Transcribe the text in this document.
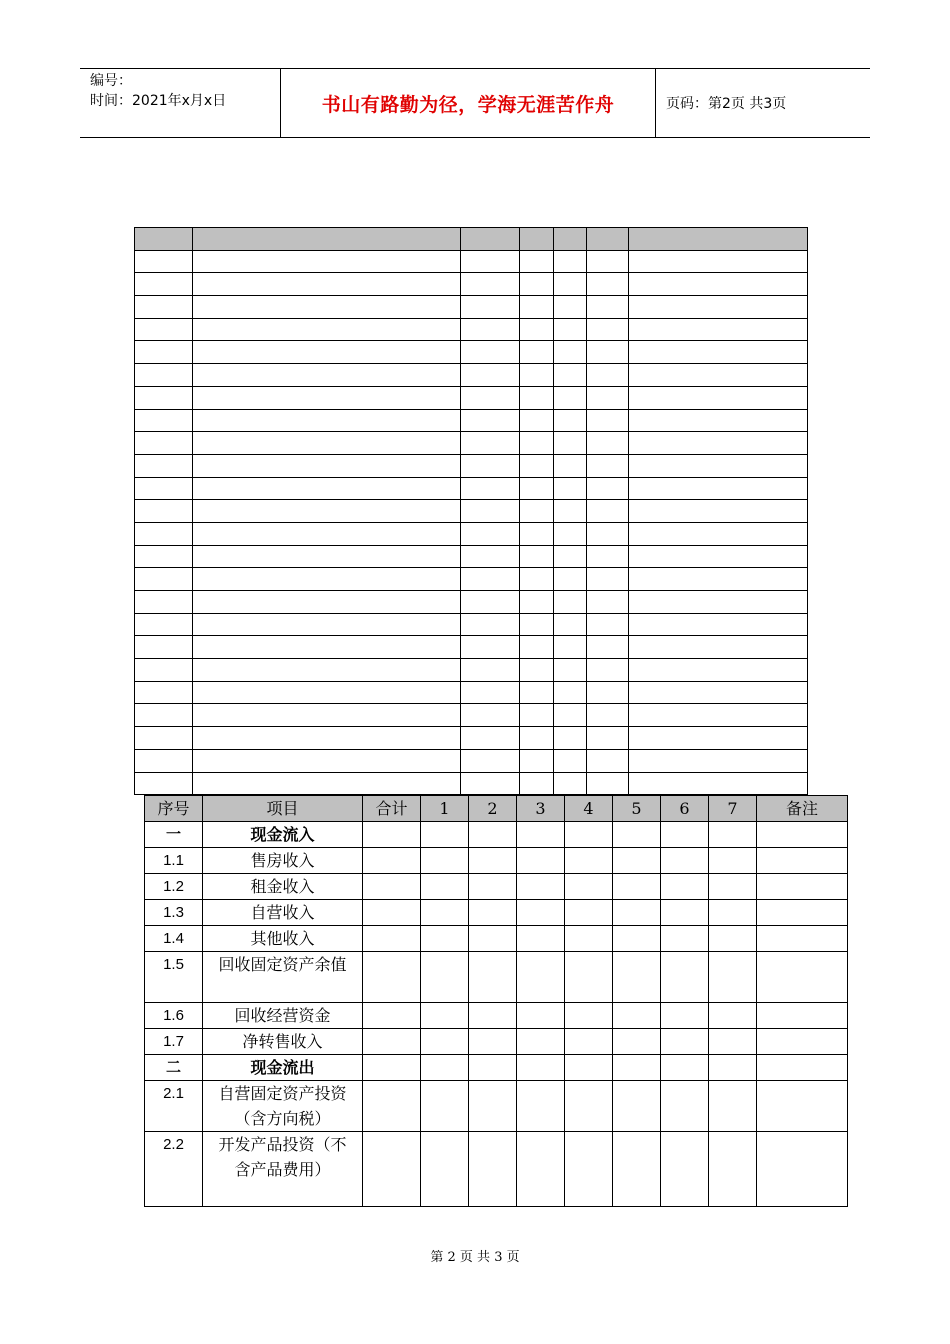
编号：
时间：2021年x月x日	书山有路勤为径，学海无涯苦作舟	页码：第2页 共3页

序号	项目	合计	1	2	3	4	5	6	7	备注
一	现金流入									
1.1	售房收入									
1.2	租金收入									
1.3	自营收入									
1.4	其他收入									
1.5	回收固定资产余值									
1.6	回收经营资金									
1.7	净转售收入									
二	现金流出									
2.1	自营固定资产投资（含方向税）									
2.2	开发产品投资（不含产品费用）									
第 2 页 共 3 页
